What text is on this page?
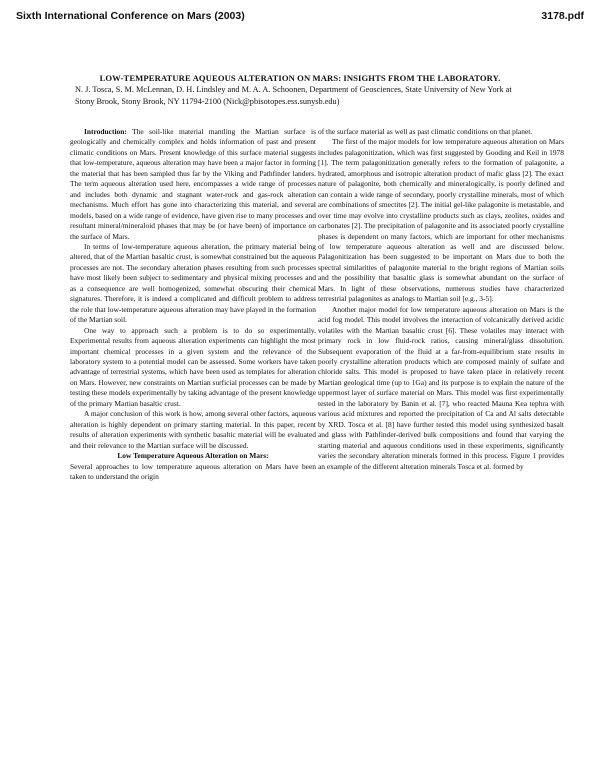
Sixth International Conference on Mars (2003)	3178.pdf
LOW-TEMPERATURE AQUEOUS ALTERATION ON MARS: INSIGHTS FROM THE LABORATORY.
N. J. Tosca, S. M. McLennan, D. H. Lindsley and M. A. A. Schoonen, Department of Geosciences, State University of New York at Stony Brook, Stony Brook, NY 11794-2100 (Nick@pbisotopes.ess.sunysb.edu)

Introduction: The soil-like material mantling the Martian surface is geologically and chemically complex and holds information of past and present climatic conditions on Mars. Present knowledge of this surface material suggests that low-temperature, aqueous alteration may have been a major factor in forming the material that has been sampled thus far by the Viking and Pathfinder landers. The term aqueous alteration used here, encompasses a wide range of processes and includes both dynamic and stagnant water-rock and gas-rock alteration mechanisms. Much effort has gone into characterizing this material, and several models, based on a wide range of evidence, have given rise to many processes and resultant mineral/mineraloid phases that may be (or have been) of importance on the surface of Mars.

In terms of low-temperature aqueous alteration, the primary material being altered, that of the Martian basaltic crust, is somewhat constrained but the aqueous processes are not. The secondary alteration phases resulting from such processes have most likely been subject to sedimentary and physical mixing processes and as a consequence are well homogenized, somewhat obscuring their chemical signatures. Therefore, it is indeed a complicated and difficult problem to address the role that low-temperature aqueous alteration may have played in the formation of the Martian soil.

One way to approach such a problem is to do so experimentally. Experimental results from aqueous alteration experiments can highlight the most important chemical processes in a given system and the relevance of the laboratory system to a potential model can be assessed. Some workers have taken advantage of terrestrial systems, which have been used as templates for alteration on Mars. However, new constraints on Martian surficial processes can be made by testing these models experimentally by taking advantage of the present knowledge of the primary Martian basaltic crust.

A major conclusion of this work is how, among several other factors, aqueous alteration is highly dependent on primary starting material. In this paper, recent results of alteration experiments with synthetic basaltic material will be evaluated and their relevance to the Martian surface will be discussed.

Low Temperature Aqueous Alteration on Mars:

Several approaches to low temperature aqueous alteration on Mars have been taken to understand the origin

of the surface material as well as past climatic conditions on that planet.

The first of the major models for low temperature aqueous alteration on Mars includes palagonitization, which was first suggested by Gooding and Keil in 1978 [1]. The term palagonitization generally refers to the formation of palagonite, a hydrated, amorphous and isotropic alteration product of mafic glass [2]. The exact nature of palagonite, both chemically and mineralogically, is poorly defined and can contain a wide range of secondary, poorly crystalline minerals, most of which are combinations of smectites [2]. The initial gel-like palagonite is metastable, and over time may evolve into crystalline products such as clays, zeolites, oxides and carbonates [2]. The precipitation of palagonite and its associated poorly crystalline phases is dependent on many factors, which are important for other mechanisms of low temperature aqueous alteration as well and are discussed below. Palagonitization has been suggested to be important on Mars due to both the spectral similarities of palagonite material to the bright regions of Martian soils and the possibility that basaltic glass is somewhat abundant on the surface of Mars. In light of these observations, numerous studies have characterized terrestrial palagonites as analogs to Martian soil [e.g., 3-5].

Another major model for low temperature aqueous alteration on Mars is the acid fog model. This model involves the interaction of volcanically derived acidic volatiles with the Martian basaltic crust [6]. These volatiles may interact with primary rock in low fluid-rock ratios, causing mineral/glass dissolution. Subsequent evaporation of the fluid at a far-from-equilibrium state results in poorly crystalline alteration products which are composed mainly of sulfate and chloride salts. This model is proposed to have taken place in relatively recent Martian geological time (up to 1Ga) and its purpose is to explain the nature of the uppermost layer of surface material on Mars. This model was first experimentally tested in the laboratory by Banin et al. [7], who reacted Mauna Kea tephra with various acid mixtures and reported the precipitation of Ca and Al salts detectable by XRD. Tosca et al. [8] have further tested this model using synthesized basalt and glass with Pathfinder-derived bulk compositions and found that varying the starting material and aqueous conditions used in these experiments, significantly varies the secondary alteration minerals formed in this process. Figure 1 provides an example of the different alteration minerals Tosca et al. formed by
